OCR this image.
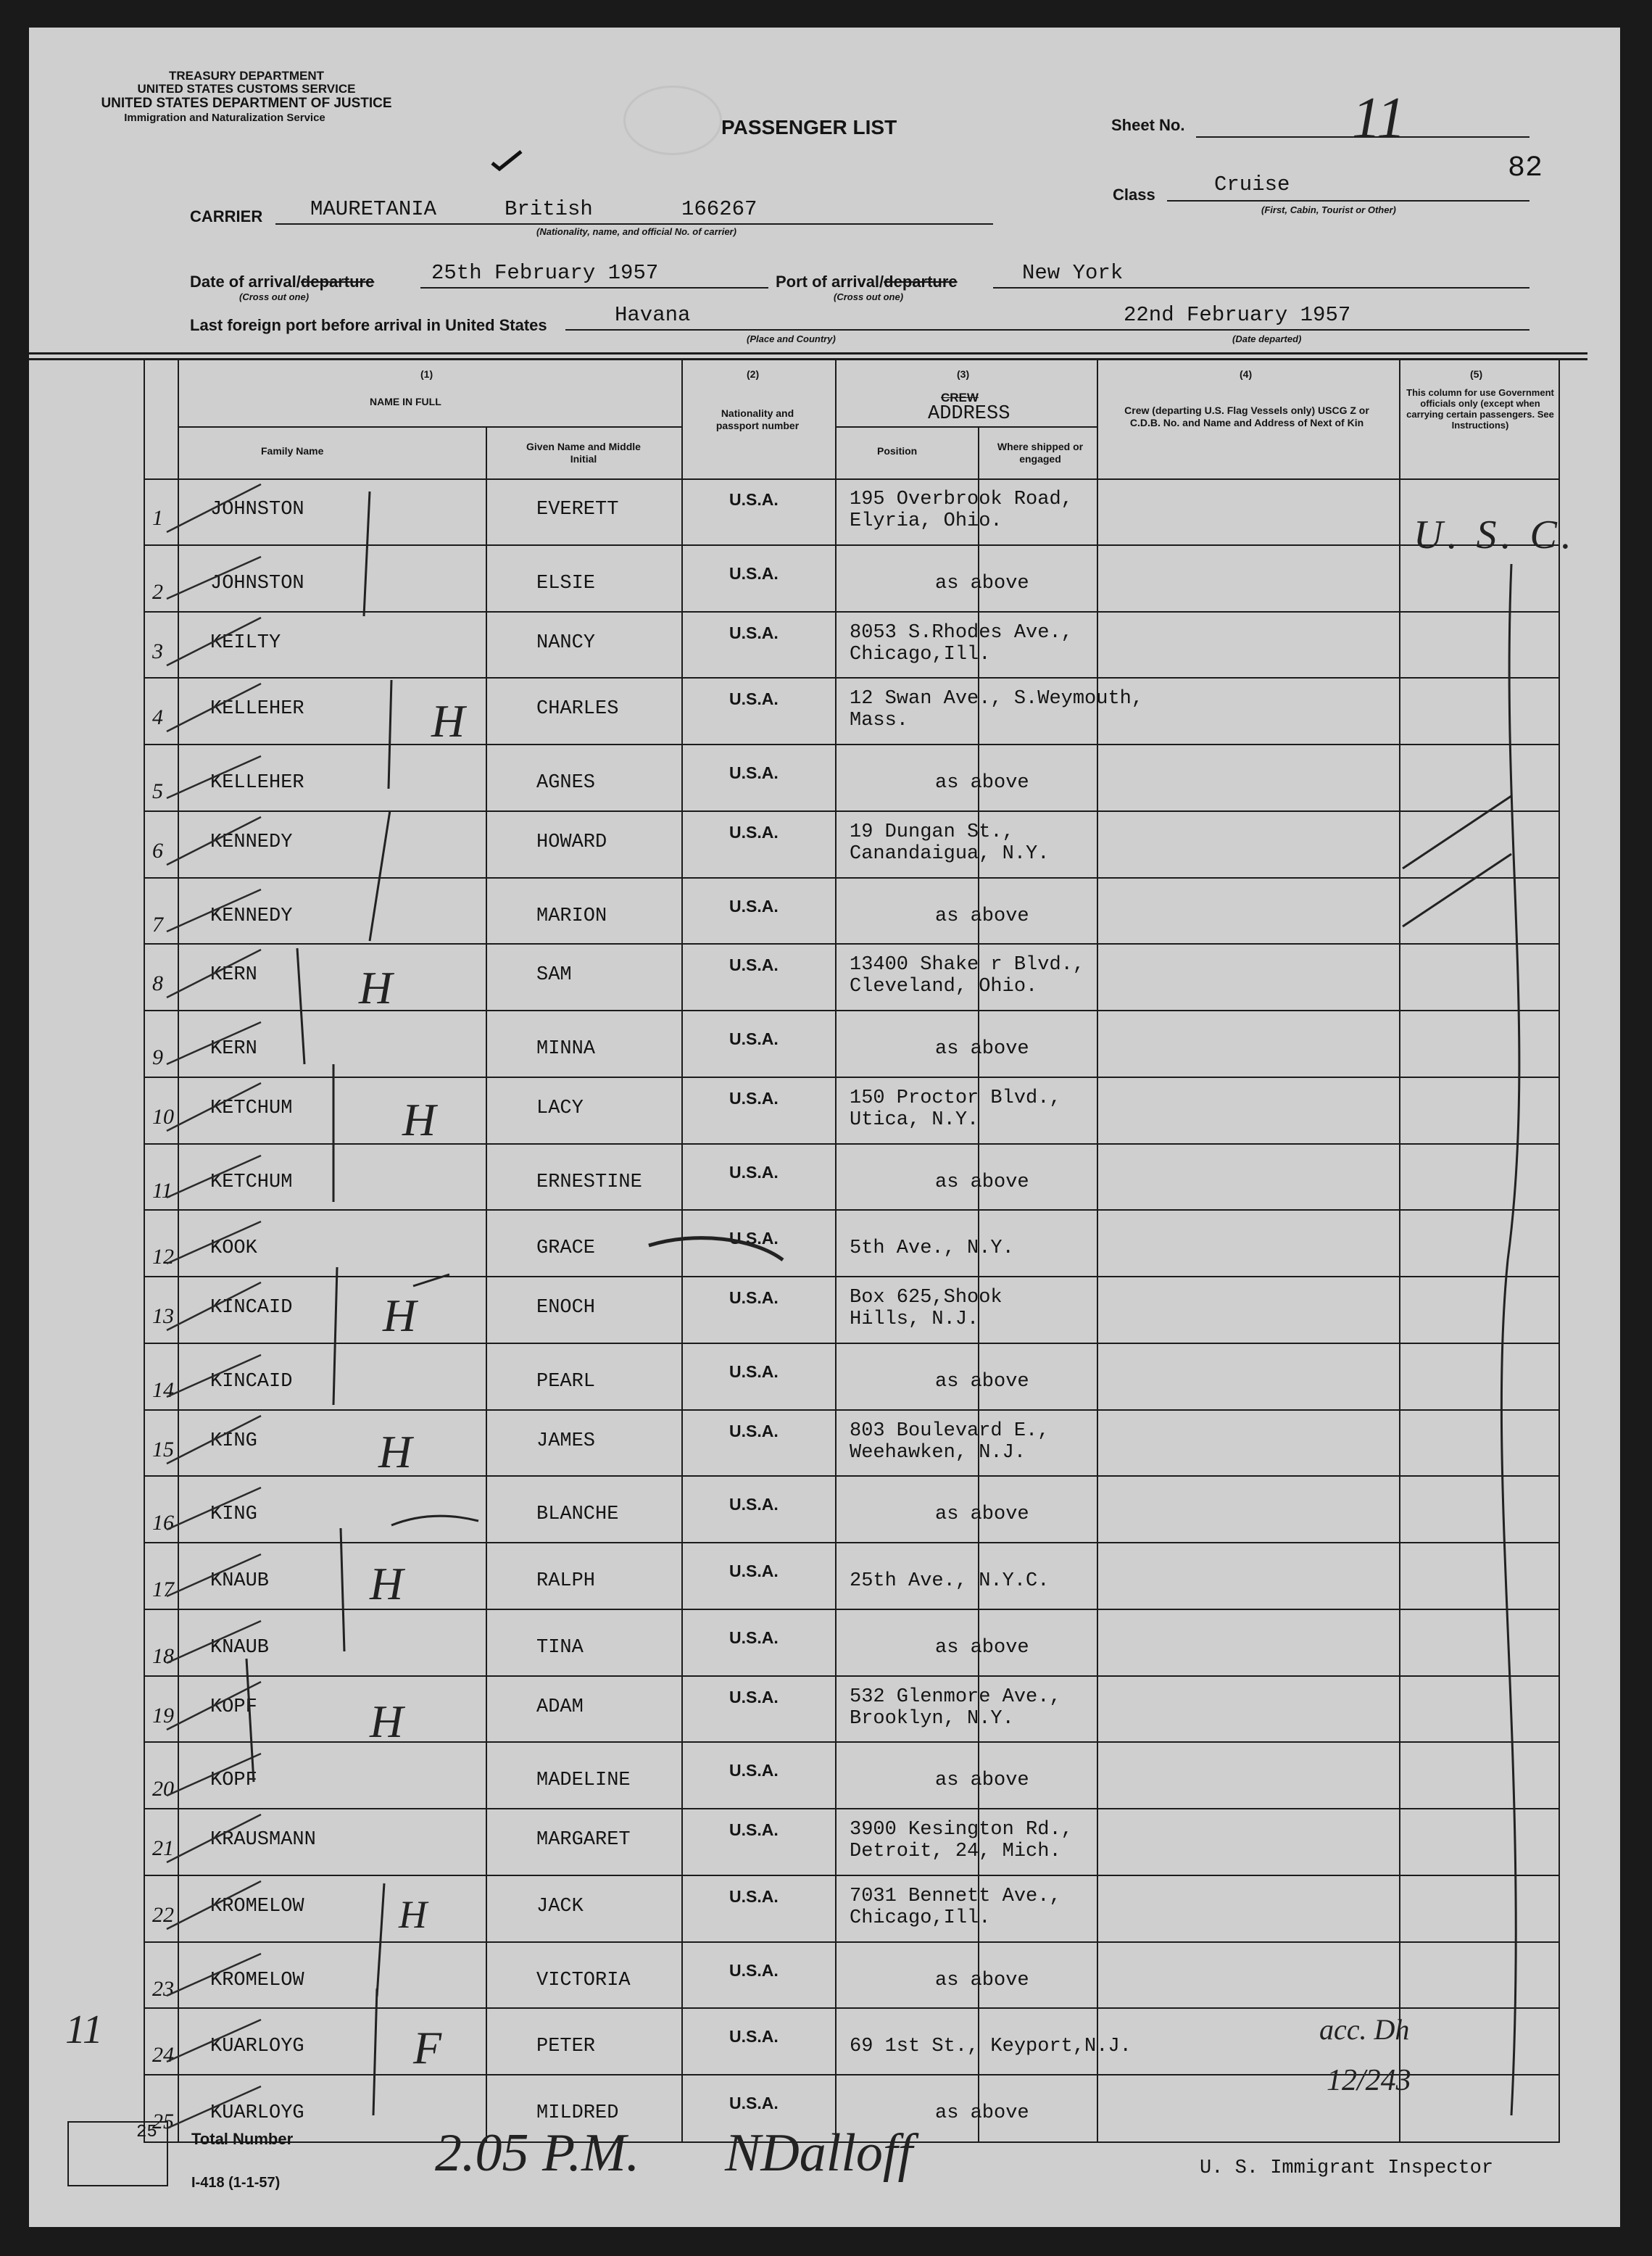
TREASURY DEPARTMENT
UNITED STATES CUSTOMS SERVICE
UNITED STATES DEPARTMENT OF JUSTICE
Immigration and Naturalization Service	PASSENGER LIST	Sheet No.	11
82
CARRIER MAURETANIA	British	166267
(Nationality, name, and official No. of carrier)
Class	Cruise
(First, Cabin, Tourist or Other)
Date of arrival/departure
(Cross out one)
25th February 1957	Port of arrival/departure
(Cross out one)
New York
Last foreign port before arrival in United States	Havana
(Place and Country)
22nd February 1957
(Date departed)
(1)
NAME IN FULL
Family Name	Given Name and Middle Initial
(2)
Nationality and passport number
(3)
CREW
ADDRESS
Position	Where shipped or engaged
(4)
Crew (departing U.S. Flag Vessels only) USCG Z or C.D.B. No. and Name and Address of Next of Kin
(5)
This column for use Government officials only (except when carrying certain passengers. See Instructions)
1 JOHNSTON	EVERETT	U.S.A.	195 Overbrook Road,
Elyria, Ohio.
2 JOHNSTON	ELSIE	U.S.A.	as above
3 KEILTY	NANCY	U.S.A.	8053 S.Rhodes Ave.,
Chicago,Ill.
4 KELLEHER	CHARLES	U.S.A.	12 Swan Ave., S.Weymouth,
Mass.
5 KELLEHER	AGNES	U.S.A.	as above
6 KENNEDY	HOWARD	U.S.A.	19 Dungan St.,
Canandaigua, N.Y.
7 KENNEDY	MARION	U.S.A.	as above
8 KERN	SAM	U.S.A.	13400 Shake r Blvd.,
Cleveland, Ohio.
9 KERN	MINNA	U.S.A.	as above
10 KETCHUM	LACY	U.S.A.	150 Proctor Blvd.,
Utica, N.Y.
11 KETCHUM	ERNESTINE	U.S.A.	as above
12 KOOK	GRACE	U.S.A.	5th Ave., N.Y.
13 KINCAID	ENOCH	U.S.A.	Box 625,Shook
Hills, N.J.
14 KINCAID	PEARL	U.S.A.	as above
15 KING	JAMES	U.S.A.	803 Boulevard E.,
Weehawken, N.J.
16 KING	BLANCHE	U.S.A.	as above
17 KNAUB	RALPH	U.S.A.	25th Ave., N.Y.C.
18 KNAUB	TINA	U.S.A.	as above
19 KOPF	ADAM	U.S.A.	532 Glenmore Ave.,
Brooklyn, N.Y.
20 KOPF	MADELINE	U.S.A.	as above
21 KRAUSMANN	MARGARET	U.S.A.	3900 Kesington Rd.,
Detroit, 24, Mich.
22 KROMELOW	JACK	U.S.A.	7031 Bennett Ave.,
Chicago,Ill.
23 KROMELOW	VICTORIA	U.S.A.	as above
24 KUARLOYG	PETER	U.S.A.	69 1st St., Keyport,N.J.
25 KUARLOYG	MILDRED	U.S.A.	as above
H
H
H
H
H
H
H
H
F
U. S. C.
11	acc. Dh
12/243
25 Total Number
I-418 (1-1-57)	2.05 P.M. NDalloff	U. S. Immigrant Inspector
